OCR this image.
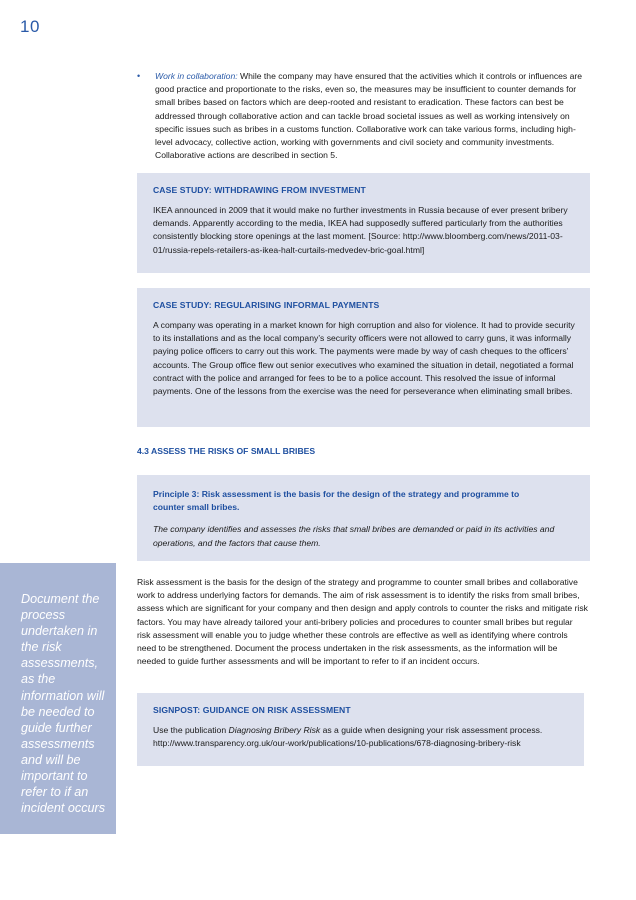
10
• Work in collaboration: While the company may have ensured that the activities which it controls or influences are good practice and proportionate to the risks, even so, the measures may be insufficient to counter demands for small bribes based on factors which are deep-rooted and resistant to eradication. These factors can best be addressed through collaborative action and can tackle broad societal issues as well as working intensively on specific issues such as bribes in a customs function. Collaborative work can take various forms, including high-level advocacy, collective action, working with governments and civil society and community investments. Collaborative actions are described in section 5.
CASE STUDY: WITHDRAWING FROM INVESTMENT
IKEA announced in 2009 that it would make no further investments in Russia because of ever present bribery demands. Apparently according to the media, IKEA had supposedly suffered particularly from the authorities consistently blocking store openings at the last moment. [Source: http://www.bloomberg.com/news/2011-03-01/russia-repels-retailers-as-ikea-halt-curtails-medvedev-bric-goal.html]
CASE STUDY: REGULARISING INFORMAL PAYMENTS
A company was operating in a market known for high corruption and also for violence. It had to provide security to its installations and as the local company’s security officers were not allowed to carry guns, it was informally paying police officers to carry out this work. The payments were made by way of cash cheques to the officers’ accounts. The Group office flew out senior executives who examined the situation in detail, negotiated a formal contract with the police and arranged for fees to be to a police account. This resolved the issue of informal payments. One of the lessons from the exercise was the need for perseverance when eliminating small bribes.
4.3 ASSESS THE RISKS OF SMALL BRIBES
Principle 3: Risk assessment is the basis for the design of the strategy and programme to counter small bribes.
The company identifies and assesses the risks that small bribes are demanded or paid in its activities and operations, and the factors that cause them.
Risk assessment is the basis for the design of the strategy and programme to counter small bribes and collaborative work to address underlying factors for demands. The aim of risk assessment is to identify the risks from small bribes, assess which are significant for your company and then design and apply controls to counter the risks and mitigate risk factors. You may have already tailored your anti-bribery policies and procedures to counter small bribes but regular risk assessment will enable you to judge whether these controls are effective as well as identifying where controls need to be strengthened. Document the process undertaken in the risk assessments, as the information will be needed to guide further assessments and will be important to refer to if an incident occurs.
SIGNPOST: GUIDANCE ON RISK ASSESSMENT
Use the publication Diagnosing Bribery Risk as a guide when designing your risk assessment process.
http://www.transparency.org.uk/our-work/publications/10-publications/678-diagnosing-bribery-risk
Document the process undertaken in the risk assessments, as the information will be needed to guide further assessments and will be important to refer to if an incident occurs
